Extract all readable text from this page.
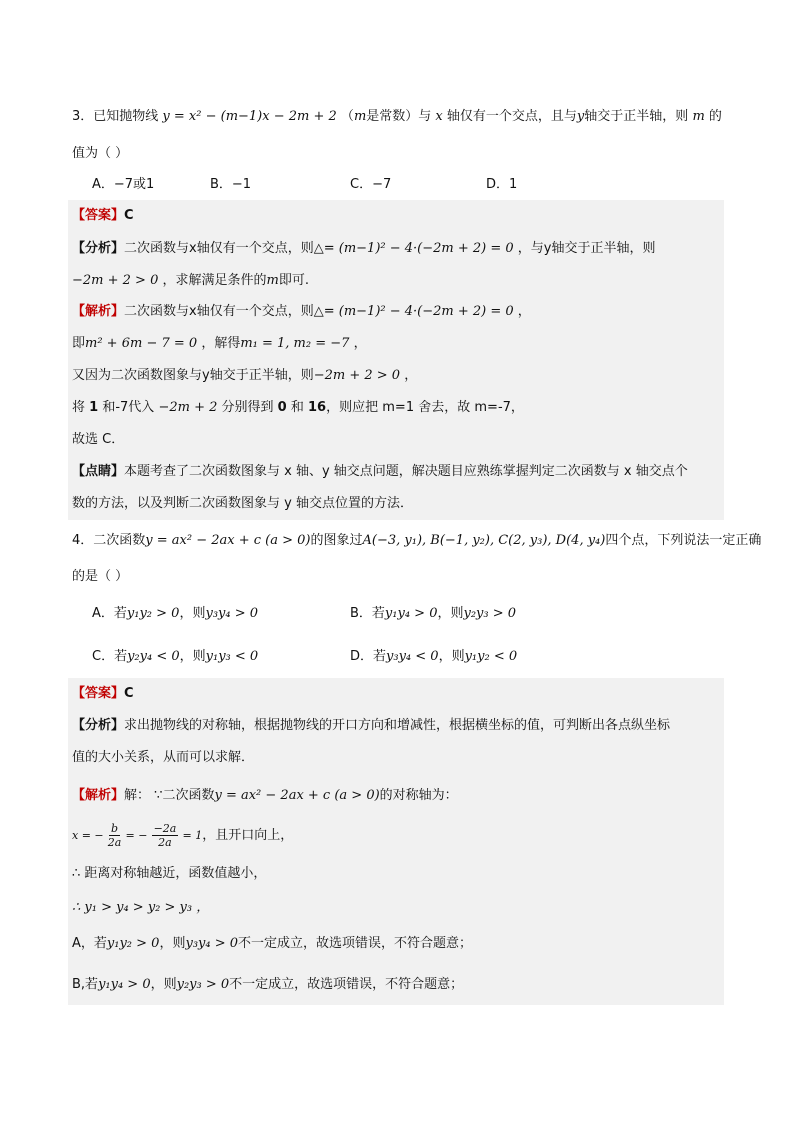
3．已知抛物线 y = x² − (m−1)x − 2m + 2 （m是常数）与 x 轴仅有一个交点，且与y轴交于正半轴，则 m 的
值为（ ）
A．−7或1	B．−1	C．−7	D．1
【答案】C
【分析】二次函数与x轴仅有一个交点，则△= (m−1)² − 4·(−2m + 2) = 0 ，与y轴交于正半轴，则
−2m + 2 > 0 ，求解满足条件的m即可.
【解析】二次函数与x轴仅有一个交点，则△= (m−1)² − 4·(−2m + 2) = 0 ，
即m² + 6m − 7 = 0 ，解得m₁ = 1, m₂ = −7 ，
又因为二次函数图象与y轴交于正半轴，则−2m + 2 > 0 ，
将 1 和-7代入 −2m + 2 分别得到 0 和 16，则应把 m=1 舍去，故 m=-7，
故选 C．
【点睛】本题考查了二次函数图象与 x 轴、y 轴交点问题，解决题目应熟练掌握判定二次函数与 x 轴交点个
数的方法，以及判断二次函数图象与 y 轴交点位置的方法．
4．二次函数y = ax² − 2ax + c (a > 0)的图象过A(−3, y₁), B(−1, y₂), C(2, y₃), D(4, y₄)四个点，下列说法一定正确
的是（ ）
A．若y₁y₂ > 0，则y₃y₄ > 0	B．若y₁y₄ > 0，则y₂y₃ > 0
C．若y₂y₄ < 0，则y₁y₃ < 0	D．若y₃y₄ < 0，则y₁y₂ < 0
【答案】C
【分析】求出抛物线的对称轴，根据抛物线的开口方向和增减性，根据横坐标的值，可判断出各点纵坐标
值的大小关系，从而可以求解．
【解析】解： ∵二次函数y = ax² − 2ax + c (a > 0)的对称轴为：
x = − $\frac{b}{2a}$ = − $\frac{-2a}{2a} = 1$，且开口向上，
∴ 距离对称轴越近，函数值越小，
∴ y₁ > y₄ > y₂ > y₃ ，
A，若y₁y₂ > 0，则y₃y₄ > 0不一定成立，故选项错误，不符合题意；
B,若y₁y₄ > 0，则y₂y₃ > 0不一定成立，故选项错误，不符合题意；
